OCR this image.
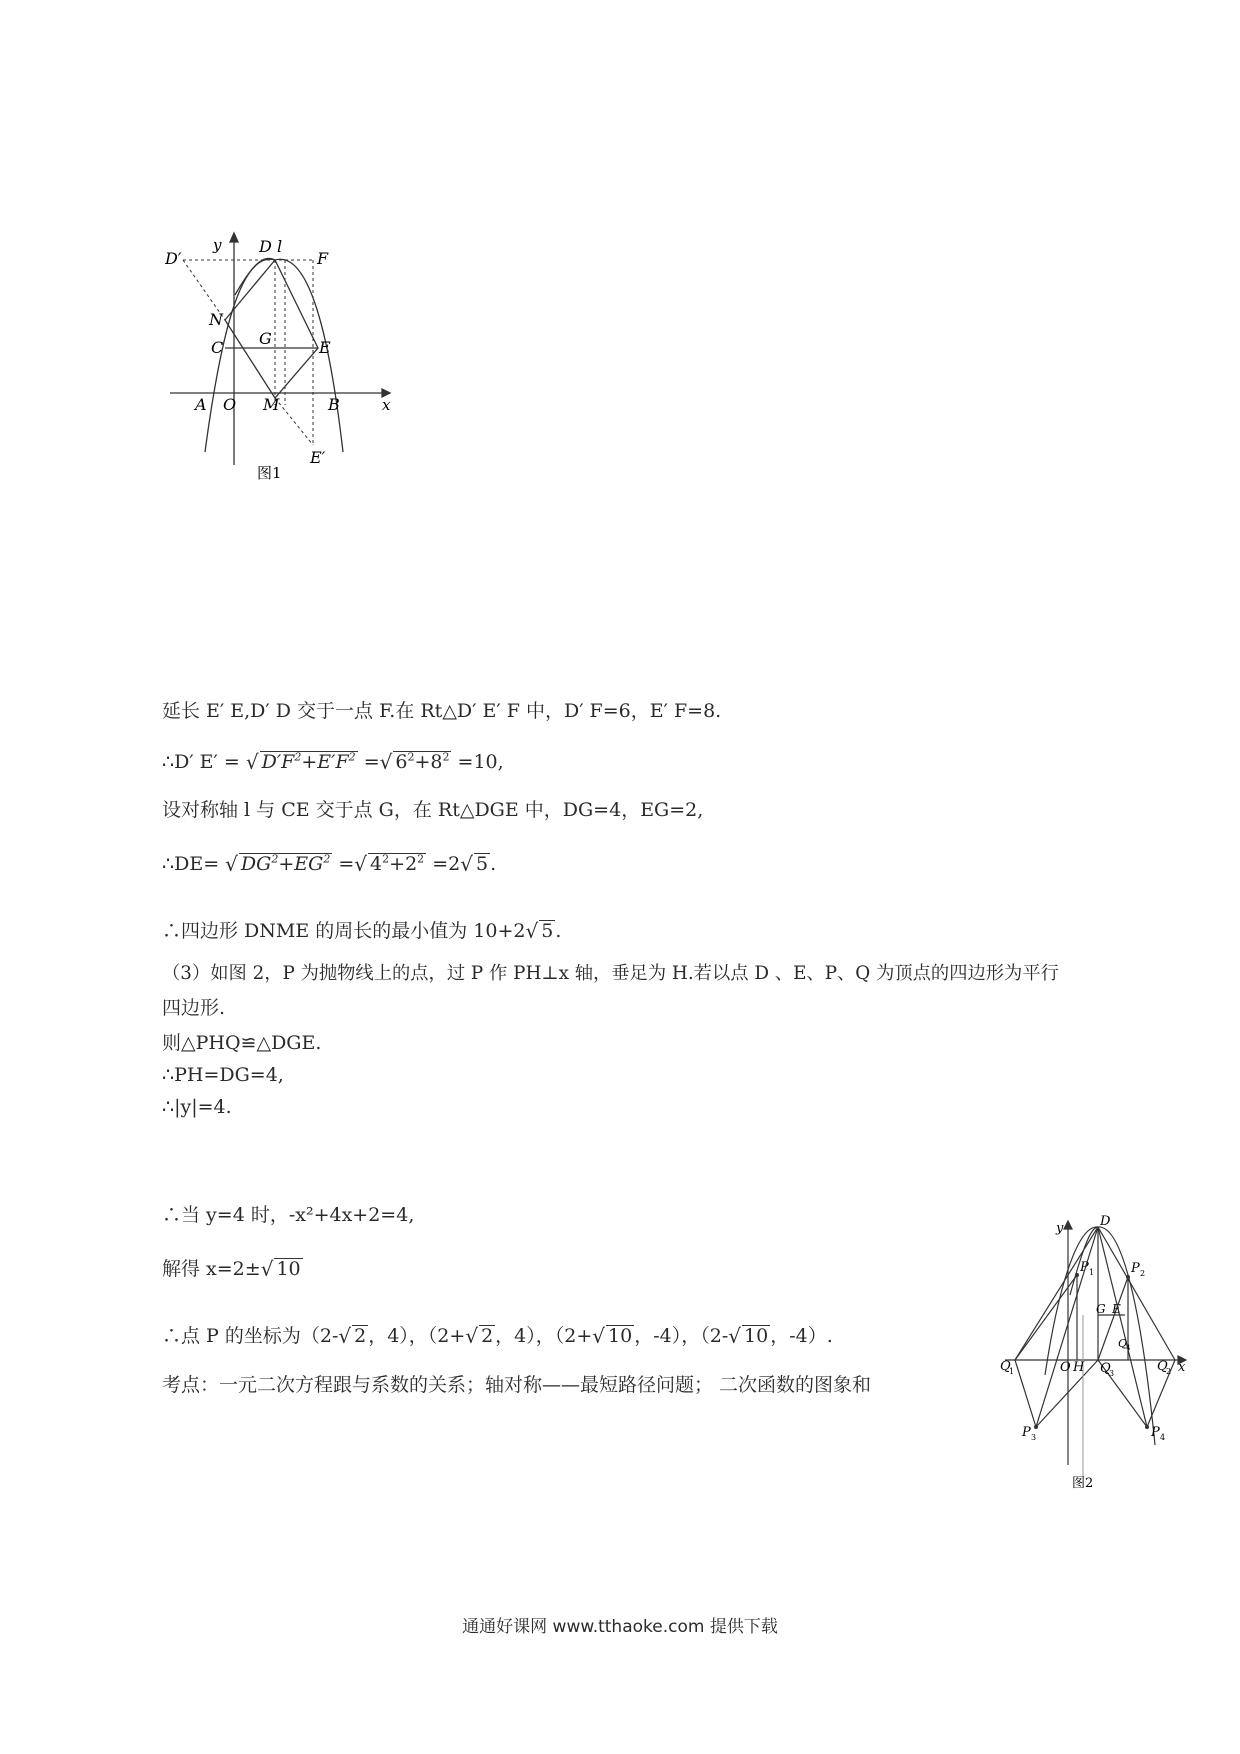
y D l
D′	F
N
C G	E
A O M	B	x
E′
图1
延长 E′ E,D′ D 交于一点 F.在 Rt△D′ E′ F 中，D′ F=6，E′ F=8.
∴D′ E′ = √ $D'F^2+E'F^2$ =√ $6^2+8^2 =10$,
设对称轴 l 与 CE 交于点 G，在 Rt△DGE 中，DG=4，EG=2,
∴DE= √ $DG^2+EG^2$ =√ $4^2+2^2 =2√$ 5 .
∴四边形 DNME 的周长的最小值为 10+2√ 5 .
（3）如图 2，P 为抛物线上的点，过 P 作 PH⊥x 轴，垂足为 H.若以点 D 、E、P、Q 为顶点的四边形为平行
四边形.
则△PHQ≌△DGE.
∴PH=DG=4,
∴|y|=4.
∴当 y=4 时，-x²+4x+2=4,
解得 x=2±√ 10
∴点 P 的坐标为（2-√ 2 ，4），（2+√ 2 ，4），（2+√ 10 ，-4），（2-√ 10 ，-4）.
考点：一元二次方程跟与系数的关系；轴对称——最短路径问题； 二次函数的图象和
y	D
P 1	P 2
G E
Q
1	O H Q
3
Q
4
Q
2 x
P 3	P 4
图2
通通好课网 www.tthaoke.com 提供下载
